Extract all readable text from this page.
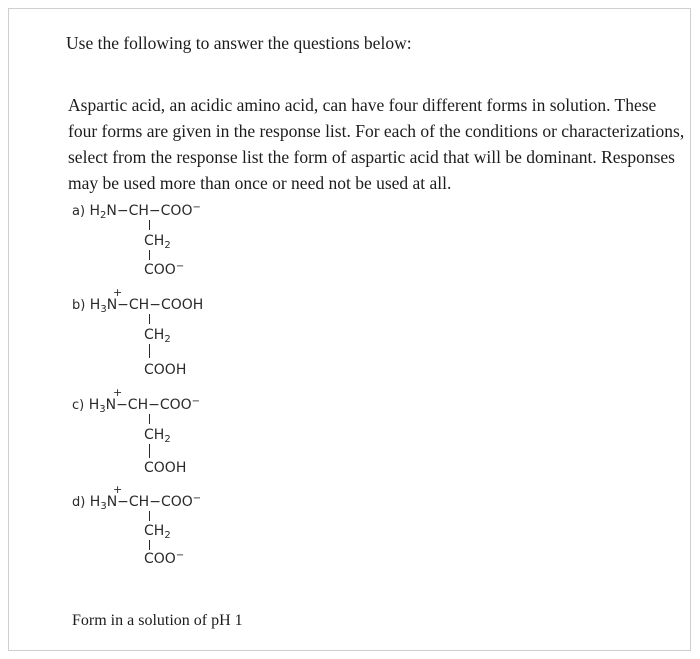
Use the following to answer the questions below:
Aspartic acid, an acidic amino acid, can have four different forms in solution. These
four forms are given in the response list. For each of the conditions or characterizations,
select from the response list the form of aspartic acid that will be dominant. Responses
may be used more than once or need not be used at all.
a) $H_2N-CH-COO^-$
$CH_2$
COO−
+
b) $H_3N-CH-COOH$
$CH_2$
COOH
+
c) $H_3N-CH-COO^-$
$CH_2$
COOH
+
d) $H_3N-CH-COO^-$
$CH_2$
COO−
Form in a solution of pH 1
